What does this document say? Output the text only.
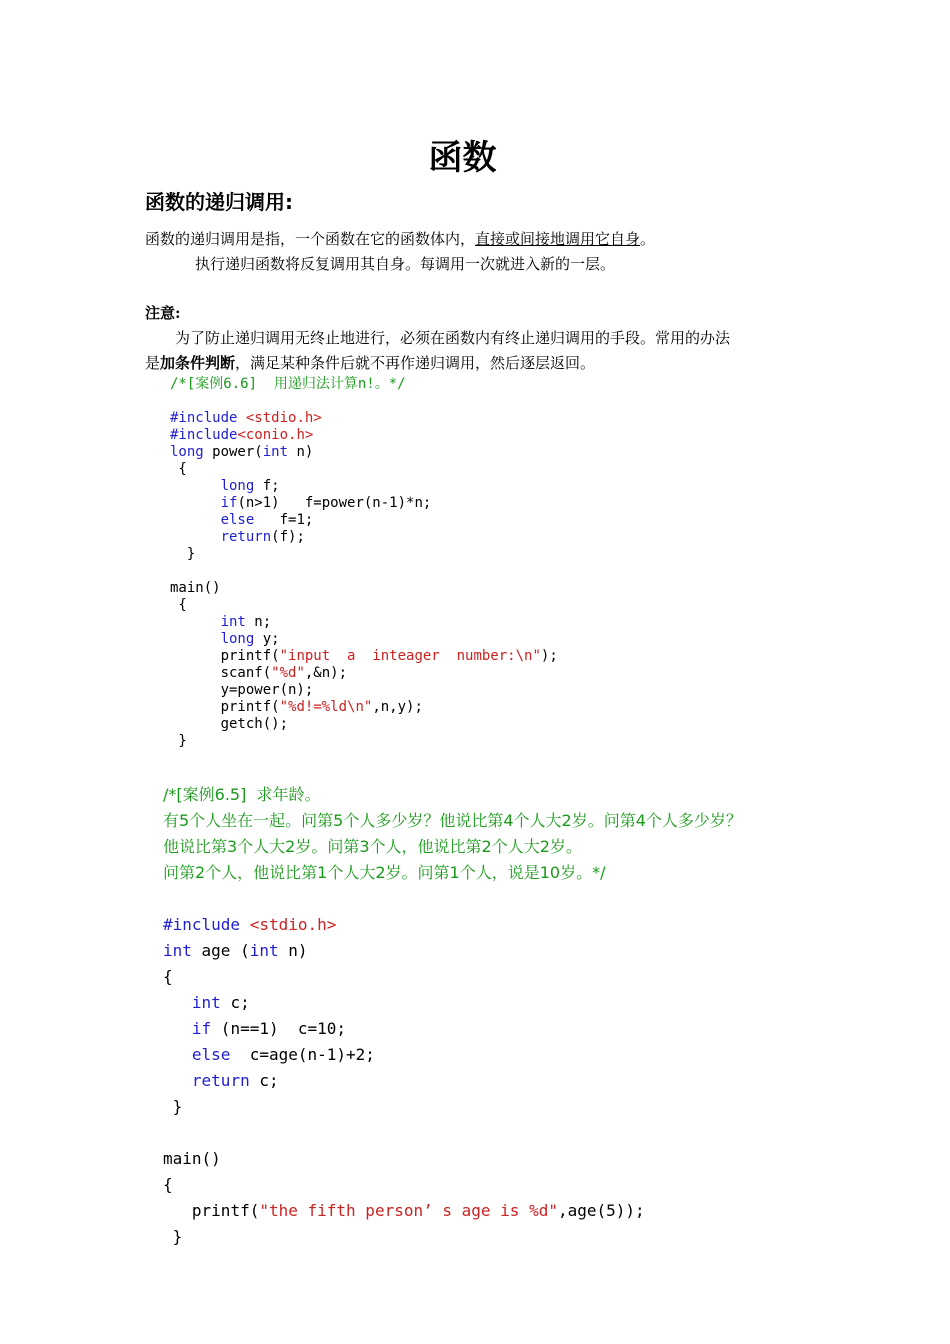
函数
函数的递归调用:
函数的递归调用是指，一个函数在它的函数体内，直接或间接地调用它自身。
执行递归函数将反复调用其自身。每调用一次就进入新的一层。
注意:
为了防止递归调用无终止地进行，必须在函数内有终止递归调用的手段。常用的办法
是加条件判断，满足某种条件后就不再作递归调用，然后逐层返回。
/*[案例6.6]  用递归法计算n!。*/

#include <stdio.h>
#include<conio.h>
long power(int n)
{
long f;
if(n>1)   f=power(n-1)*n;
else   f=1;
return(f);
}

main()
{
int n;
long y;
printf("input  a  inteager  number:\n");
scanf("%d",&n);
y=power(n);
printf("%d!=%ld\n",n,y);
getch();
}
/*[案例6.5]  求年龄。
有5个人坐在一起。问第5个人多少岁？他说比第4个人大2岁。问第4个人多少岁？
他说比第3个人大2岁。问第3个人，他说比第2个人大2岁。
问第2个人，他说比第1个人大2岁。问第1个人，说是10岁。*/

#include <stdio.h>
int age (int n)
{
int c;
if (n==1)  c=10;
else  c=age(n-1)+2;
return c;
}

main()
{
printf("the fifth person’ s age is %d",age(5));
}
